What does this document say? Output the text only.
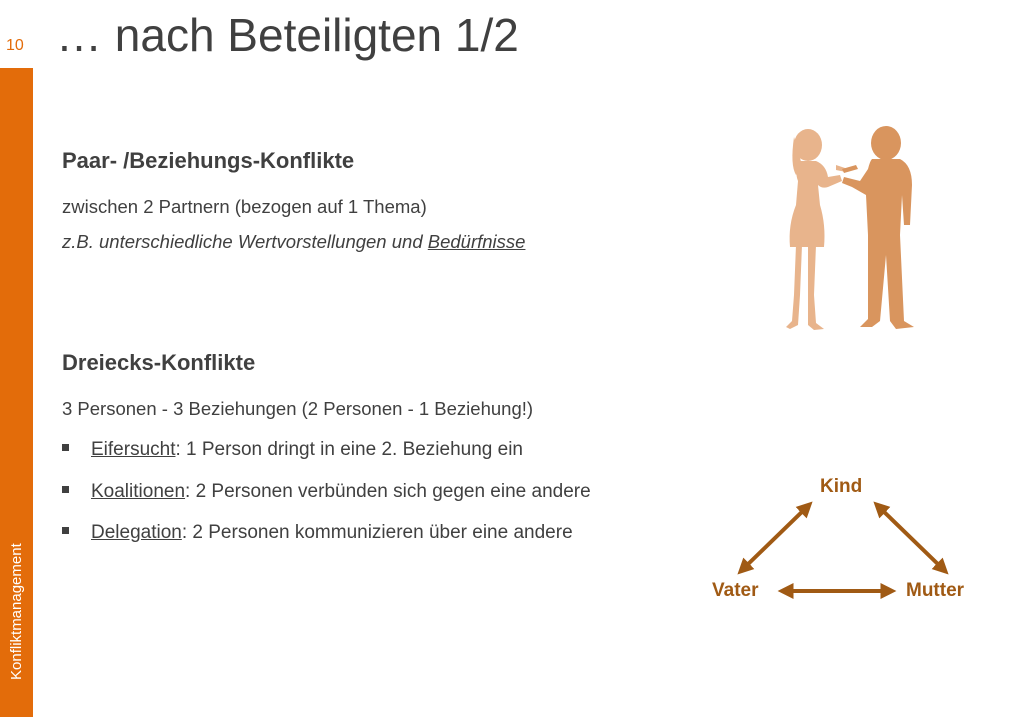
Konfliktmanagement
10 … nach Beteiligten 1/2
Paar- /Beziehungs-Konflikte
zwischen 2 Partnern (bezogen auf 1 Thema)
z.B. unterschiedliche Wertvorstellungen und Bedürfnisse
Dreiecks-Konflikte
3 Personen - 3 Beziehungen (2 Personen - 1 Beziehung!)
Eifersucht: 1 Person dringt in eine 2. Beziehung ein
Koalitionen: 2 Personen verbünden sich gegen eine andere
Delegation: 2 Personen kommunizieren über eine andere
Kind
Vater	Mutter
